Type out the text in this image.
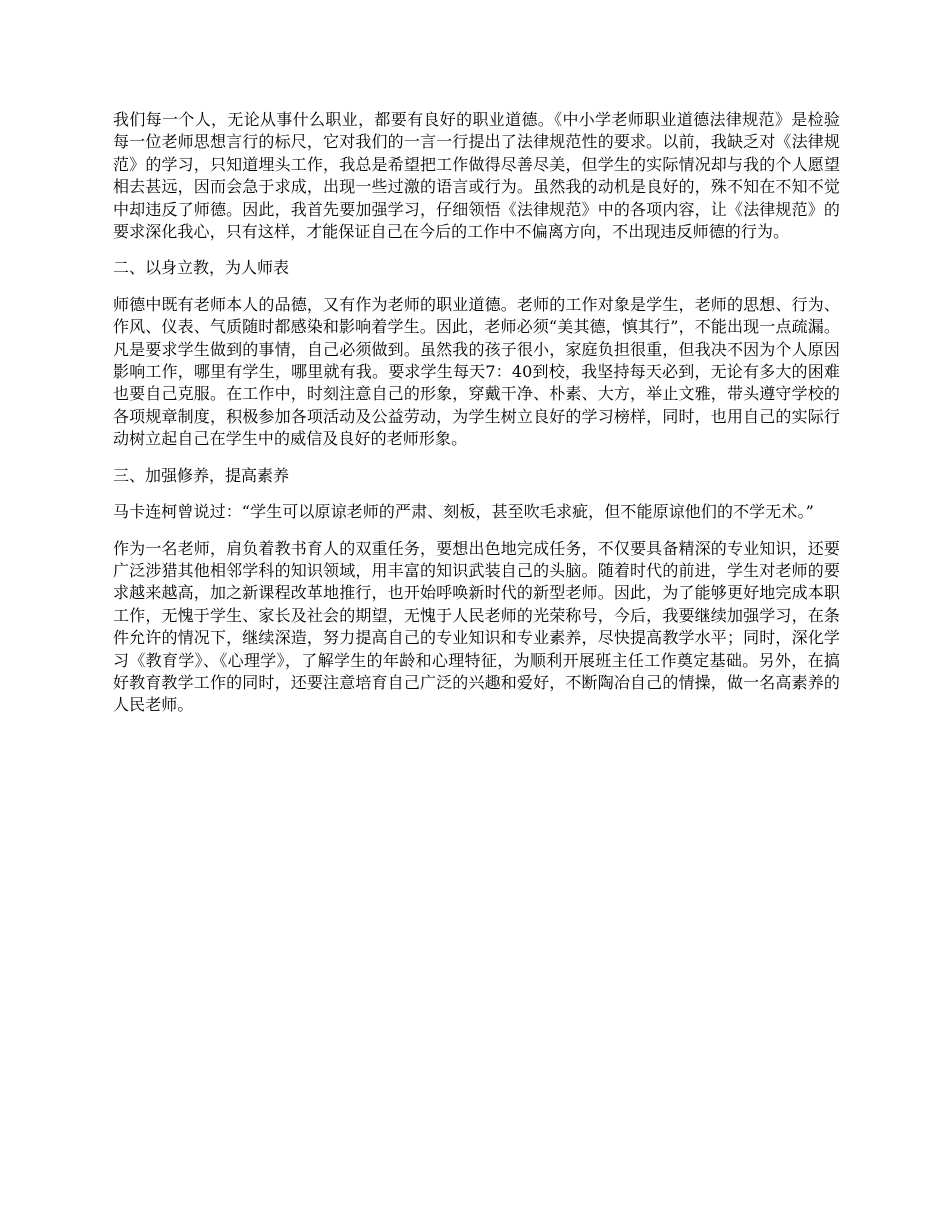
我们每一个人，无论从事什么职业，都要有良好的职业道德。《中小学老师职业道德法律规范》是检验每一位老师思想言行的标尺，它对我们的一言一行提出了法律规范性的要求。以前，我缺乏对《法律规范》的学习，只知道埋头工作，我总是希望把工作做得尽善尽美，但学生的实际情况却与我的个人愿望相去甚远，因而会急于求成，出现一些过激的语言或行为。虽然我的动机是良好的，殊不知在不知不觉中却违反了师德。因此，我首先要加强学习，仔细领悟《法律规范》中的各项内容，让《法律规范》的要求深化我心，只有这样，才能保证自己在今后的工作中不偏离方向，不出现违反师德的行为。

二、以身立教，为人师表

师德中既有老师本人的品德，又有作为老师的职业道德。老师的工作对象是学生，老师的思想、行为、作风、仪表、气质随时都感染和影响着学生。因此，老师必须“美其德，慎其行”，不能出现一点疏漏。凡是要求学生做到的事情，自己必须做到。虽然我的孩子很小，家庭负担很重，但我决不因为个人原因影响工作，哪里有学生，哪里就有我。要求学生每天7：40到校，我坚持每天必到，无论有多大的困难也要自己克服。在工作中，时刻注意自己的形象，穿戴干净、朴素、大方，举止文雅，带头遵守学校的各项规章制度，积极参加各项活动及公益劳动，为学生树立良好的学习榜样，同时，也用自己的实际行动树立起自己在学生中的威信及良好的老师形象。

三、加强修养，提高素养

马卡连柯曾说过：“学生可以原谅老师的严肃、刻板，甚至吹毛求疵，但不能原谅他们的不学无术。”

作为一名老师，肩负着教书育人的双重任务，要想出色地完成任务，不仅要具备精深的专业知识，还要广泛涉猎其他相邻学科的知识领域，用丰富的知识武装自己的头脑。随着时代的前进，学生对老师的要求越来越高，加之新课程改革地推行，也开始呼唤新时代的新型老师。因此，为了能够更好地完成本职工作，无愧于学生、家长及社会的期望，无愧于人民老师的光荣称号，今后，我要继续加强学习，在条件允许的情况下，继续深造，努力提高自己的专业知识和专业素养，尽快提高教学水平；同时，深化学习《教育学》、《心理学》，了解学生的年龄和心理特征，为顺利开展班主任工作奠定基础。另外，在搞好教育教学工作的同时，还要注意培育自己广泛的兴趣和爱好，不断陶冶自己的情操，做一名高素养的人民老师。
